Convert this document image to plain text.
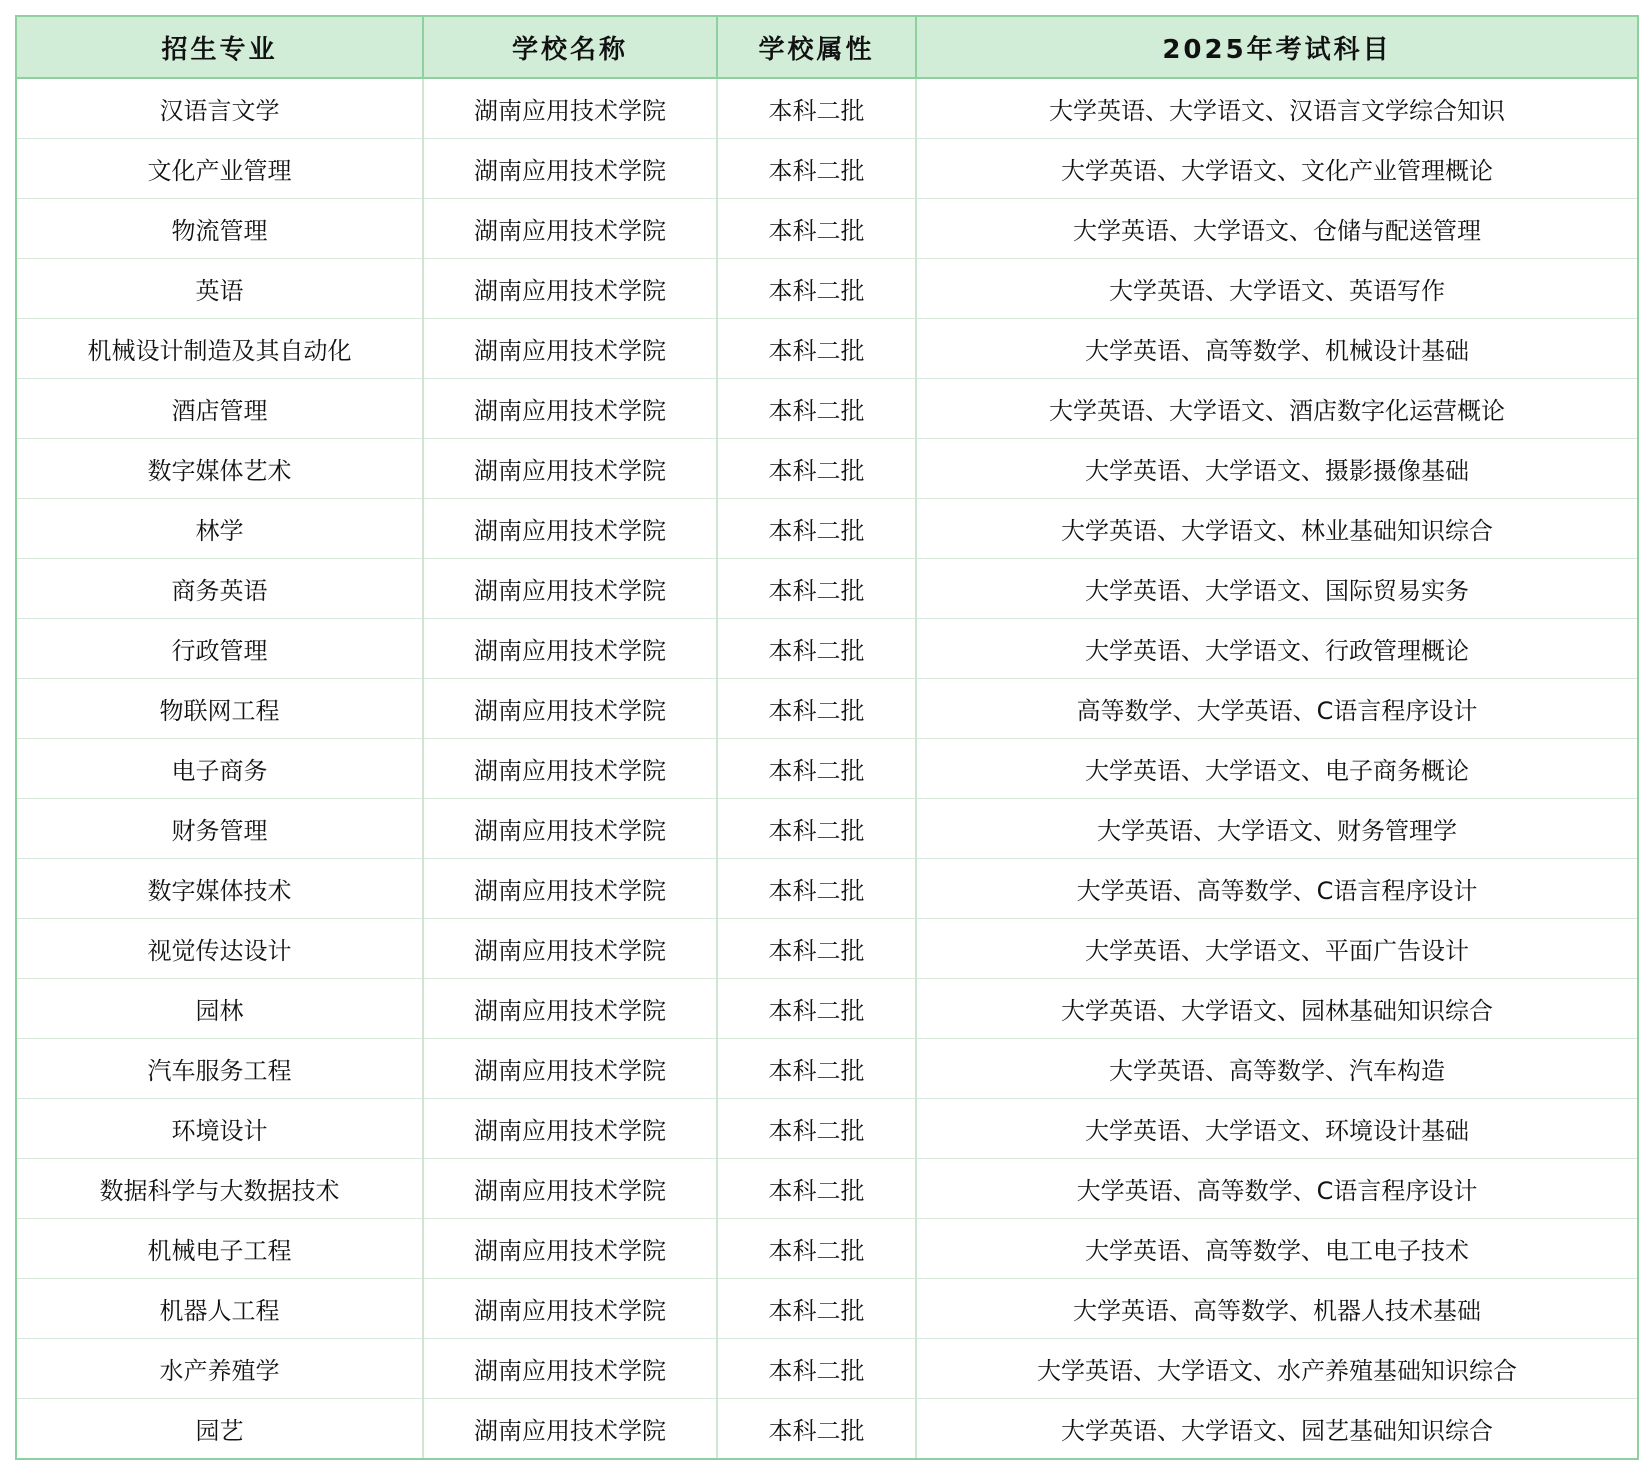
招生专业	学校名称	学校属性	2025年考试科目
汉语言文学	湖南应用技术学院	本科二批	大学英语、大学语文、汉语言文学综合知识
文化产业管理	湖南应用技术学院	本科二批	大学英语、大学语文、文化产业管理概论
物流管理	湖南应用技术学院	本科二批	大学英语、大学语文、仓储与配送管理
英语	湖南应用技术学院	本科二批	大学英语、大学语文、英语写作
机械设计制造及其自动化	湖南应用技术学院	本科二批	大学英语、高等数学、机械设计基础
酒店管理	湖南应用技术学院	本科二批	大学英语、大学语文、酒店数字化运营概论
数字媒体艺术	湖南应用技术学院	本科二批	大学英语、大学语文、摄影摄像基础
林学	湖南应用技术学院	本科二批	大学英语、大学语文、林业基础知识综合
商务英语	湖南应用技术学院	本科二批	大学英语、大学语文、国际贸易实务
行政管理	湖南应用技术学院	本科二批	大学英语、大学语文、行政管理概论
物联网工程	湖南应用技术学院	本科二批	高等数学、大学英语、C语言程序设计
电子商务	湖南应用技术学院	本科二批	大学英语、大学语文、电子商务概论
财务管理	湖南应用技术学院	本科二批	大学英语、大学语文、财务管理学
数字媒体技术	湖南应用技术学院	本科二批	大学英语、高等数学、C语言程序设计
视觉传达设计	湖南应用技术学院	本科二批	大学英语、大学语文、平面广告设计
园林	湖南应用技术学院	本科二批	大学英语、大学语文、园林基础知识综合
汽车服务工程	湖南应用技术学院	本科二批	大学英语、高等数学、汽车构造
环境设计	湖南应用技术学院	本科二批	大学英语、大学语文、环境设计基础
数据科学与大数据技术	湖南应用技术学院	本科二批	大学英语、高等数学、C语言程序设计
机械电子工程	湖南应用技术学院	本科二批	大学英语、高等数学、电工电子技术
机器人工程	湖南应用技术学院	本科二批	大学英语、高等数学、机器人技术基础
水产养殖学	湖南应用技术学院	本科二批	大学英语、大学语文、水产养殖基础知识综合
园艺	湖南应用技术学院	本科二批	大学英语、大学语文、园艺基础知识综合
